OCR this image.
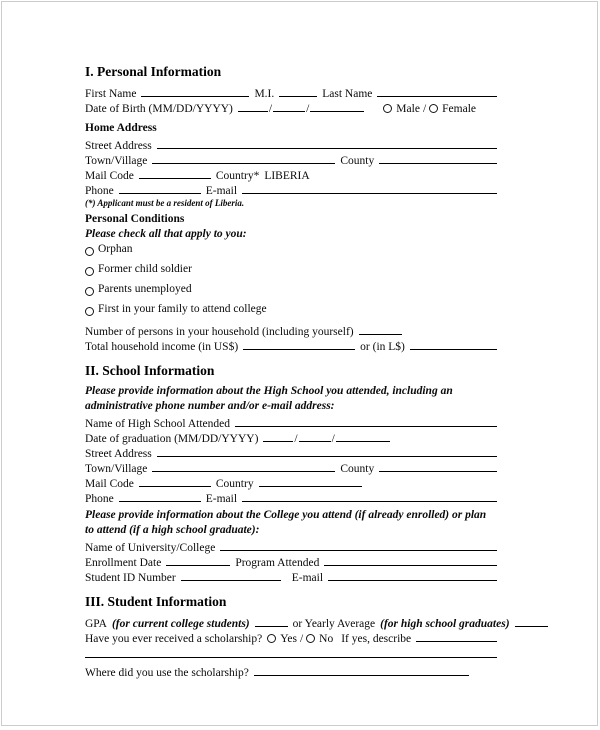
I. Personal Information
First Name	M.I.	Last Name
Date of Birth (MM/DD/YYYY)	/	/	Male / Female
Home Address
Street Address
Town/Village	County
Mail Code	Country* LIBERIA
Phone	E-mail
(*) Applicant must be a resident of Liberia.
Personal Conditions
Please check all that apply to you:
Orphan
Former child soldier
Parents unemployed
First in your family to attend college
Number of persons in your household (including yourself)
Total household income (in US$)	or (in L$)
II. School Information
Please provide information about the High School you attended, including an administrative phone number and/or e-mail address:
Name of High School Attended
Date of graduation (MM/DD/YYYY)	/	/
Street Address
Town/Village	County
Mail Code	Country
Phone	E-mail
Please provide information about the College you attend (if already enrolled) or plan to attend (if a high school graduate):
Name of University/College
Enrollment Date	Program Attended
Student ID Number	E-mail
III. Student Information
GPA (for current college students)	or Yearly Average (for high school graduates)
Have you ever received a scholarship? Yes / No If yes, describe
Where did you use the scholarship?
